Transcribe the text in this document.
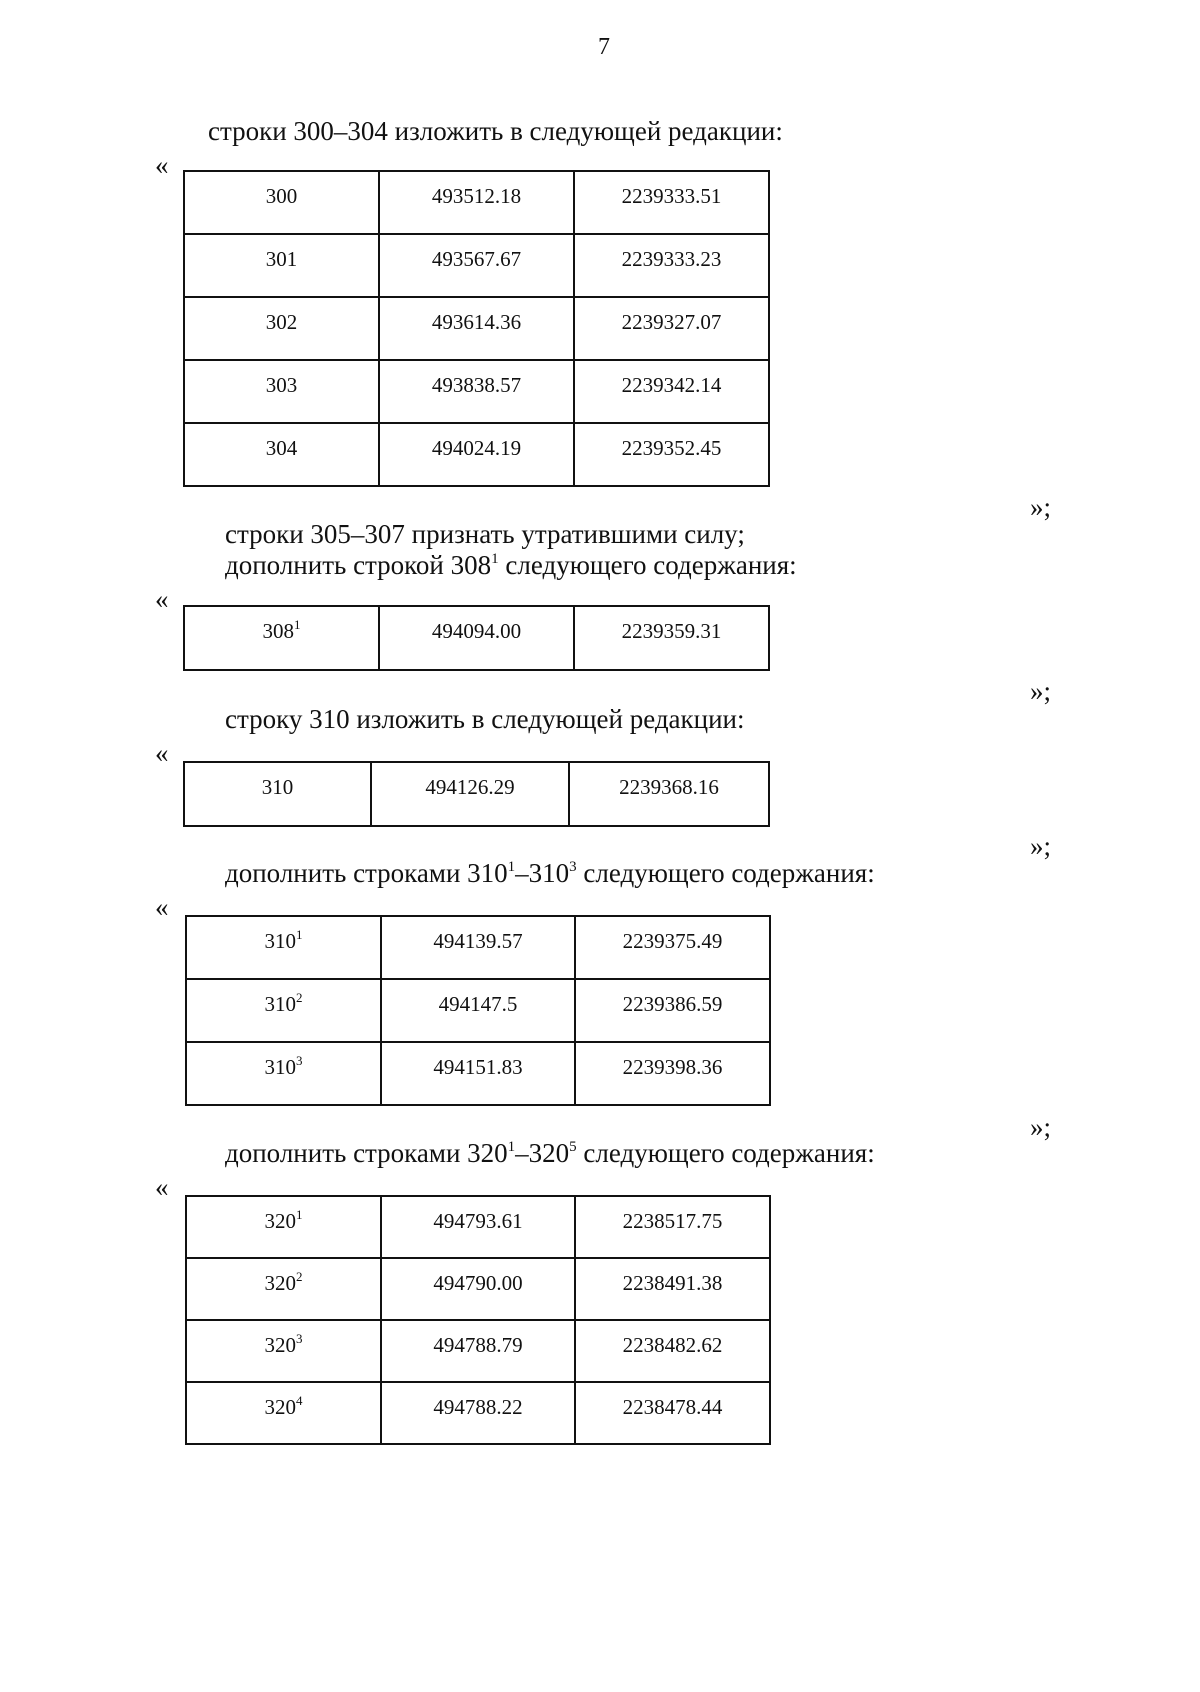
7
строки 300–304 изложить в следующей редакции:
«
300	493512.18	2239333.51
301	493567.67	2239333.23
302	493614.36	2239327.07
303	493838.57	2239342.14
304	494024.19	2239352.45
»;
строки 305–307 признать утратившими силу;
дополнить строкой $308^1$ следующего содержания:
«
$308^1$	494094.00	2239359.31
»;
строку 310 изложить в следующей редакции:
«
310	494126.29	2239368.16
»;
дополнить строками $310^1-310^3$ следующего содержания:
«
$310^1$	494139.57	2239375.49
$310^2$	494147.5	2239386.59
$310^3$	494151.83	2239398.36
»;
дополнить строками $320^1-320^5$ следующего содержания:
«
$320^1$	494793.61	2238517.75
$320^2$	494790.00	2238491.38
$320^3$	494788.79	2238482.62
$320^4$	494788.22	2238478.44
